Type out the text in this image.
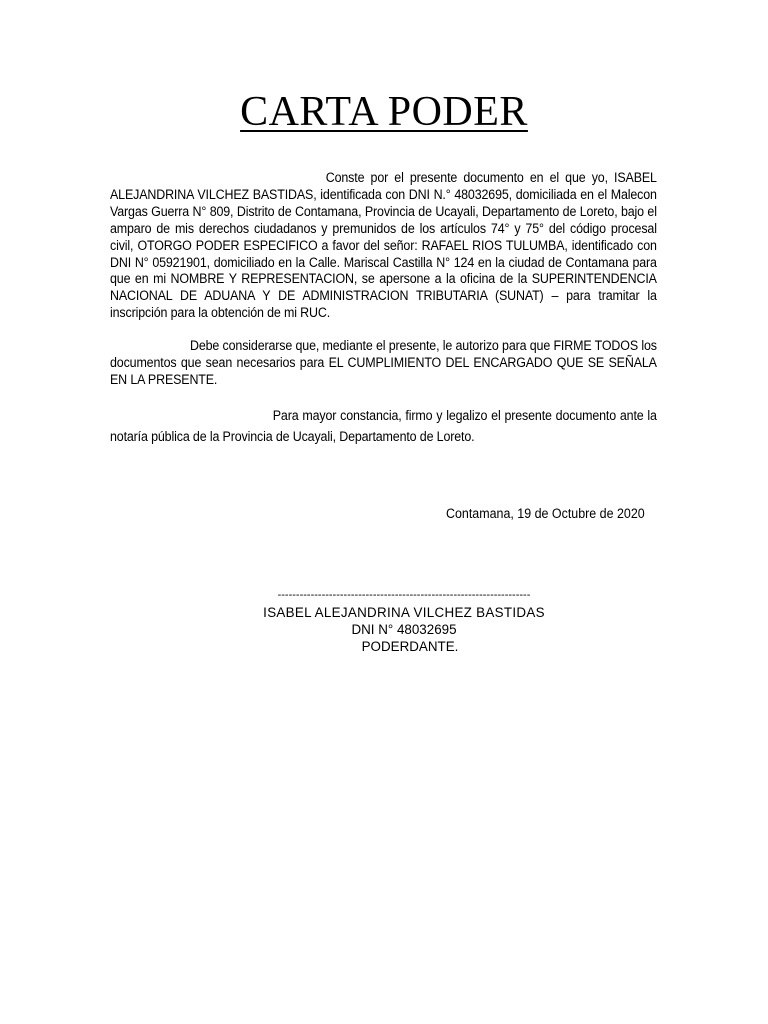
CARTA PODER
Conste por el presente documento en el que yo, ISABEL ALEJANDRINA VILCHEZ BASTIDAS, identificada con DNI N.° 48032695, domiciliada en el Malecon Vargas Guerra N° 809, Distrito de Contamana, Provincia de Ucayali, Departamento de Loreto, bajo el amparo de mis derechos ciudadanos y premunidos de los artículos 74° y 75° del código procesal civil, OTORGO PODER ESPECIFICO a favor del señor: RAFAEL RIOS TULUMBA, identificado con DNI N° 05921901, domiciliado en la Calle. Mariscal Castilla N° 124 en la ciudad de Contamana para que en mi NOMBRE Y REPRESENTACION, se apersone a la oficina de la SUPERINTENDENCIA NACIONAL DE ADUANA Y DE ADMINISTRACION TRIBUTARIA (SUNAT) – para tramitar la inscripción para la obtención de mi RUC.
Debe considerarse que, mediante el presente, le autorizo para que FIRME TODOS los documentos que sean necesarios para EL CUMPLIMIENTO DEL ENCARGADO QUE SE SEÑALA EN LA PRESENTE.
Para mayor constancia, firmo y legalizo el presente documento ante la notaría pública de la Provincia de Ucayali, Departamento de Loreto.
Contamana, 19 de Octubre de 2020
---------------------------------------------------------------------
ISABEL ALEJANDRINA VILCHEZ BASTIDAS
DNI N° 48032695
PODERDANTE.
